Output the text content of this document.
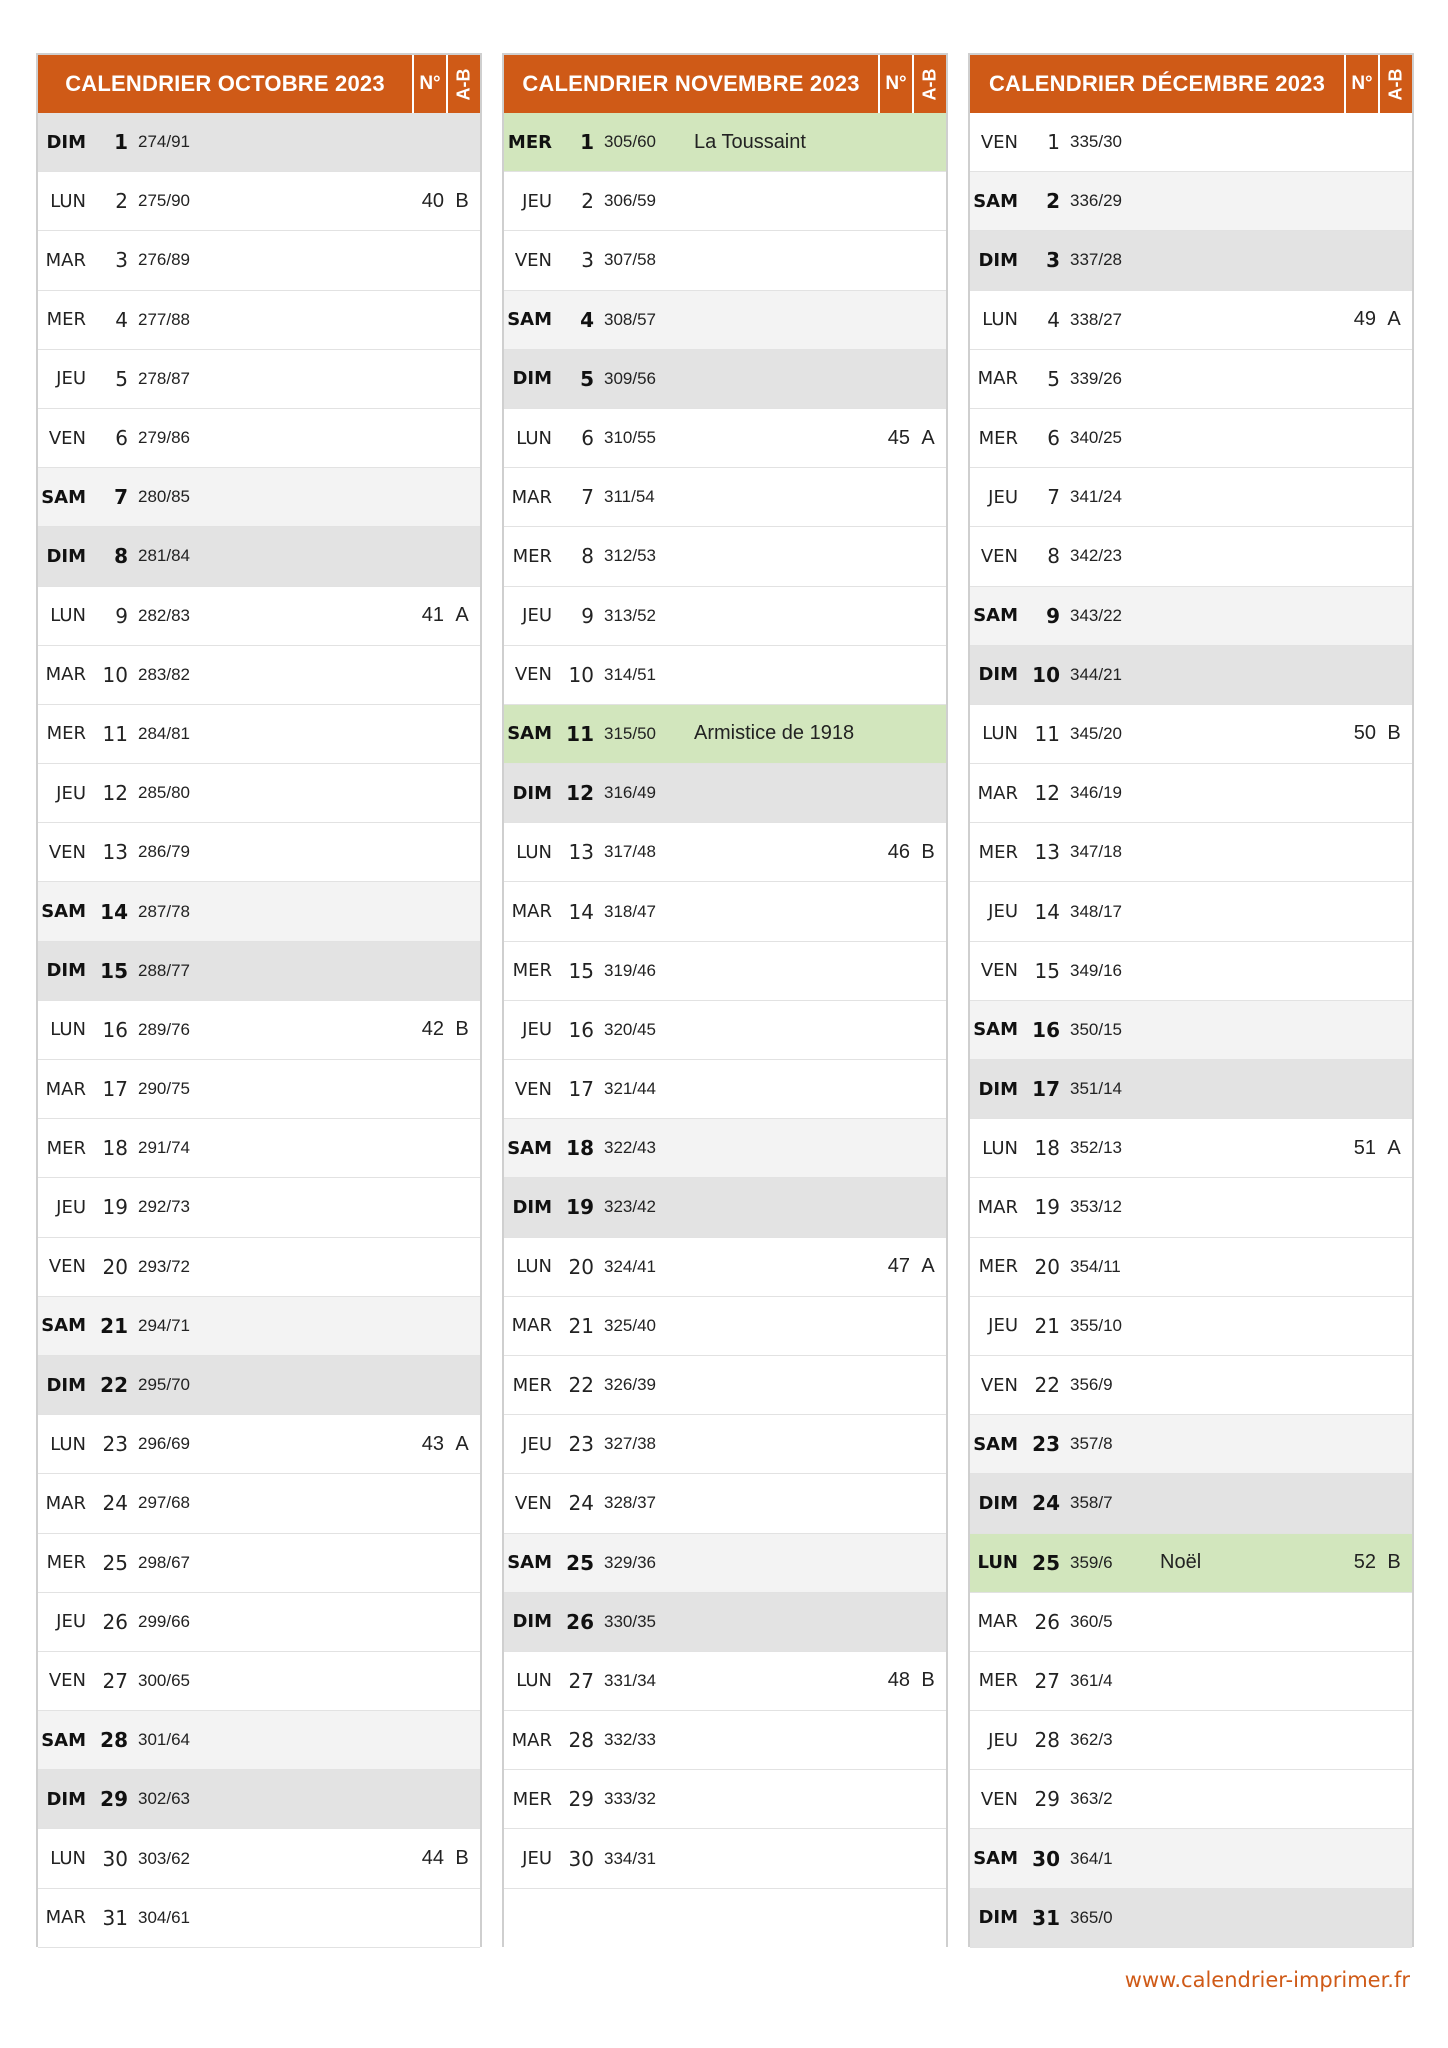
CALENDRIER OCTOBRE 2023	N° A-B
DIM	1 274/91
LUN	2 275/90	40 B
MAR	3 276/89
MER	4 277/88
JEU	5 278/87
VEN	6 279/86
SAM	7 280/85
DIM	8 281/84
LUN	9 282/83	41 A
MAR 10 283/82
MER 11 284/81
JEU 12 285/80
VEN 13 286/79
SAM 14 287/78
DIM 15 288/77
LUN 16 289/76	42 B
MAR 17 290/75
MER 18 291/74
JEU 19 292/73
VEN 20 293/72
SAM 21 294/71
DIM 22 295/70
LUN 23 296/69	43 A
MAR 24 297/68
MER 25 298/67
JEU 26 299/66
VEN 27 300/65
SAM 28 301/64
DIM 29 302/63
LUN 30 303/62	44 B
MAR 31 304/61
CALENDRIER NOVEMBRE 2023	N° A-B
MER	1 305/60 La Toussaint
JEU	2 306/59
VEN	3 307/58
SAM	4 308/57
DIM	5 309/56
LUN	6 310/55	45 A
MAR	7 311/54
MER	8 312/53
JEU	9 313/52
VEN 10 314/51
SAM 11 315/50 Armistice de 1918
DIM 12 316/49
LUN 13 317/48	46 B
MAR 14 318/47
MER 15 319/46
JEU 16 320/45
VEN 17 321/44
SAM 18 322/43
DIM 19 323/42
LUN 20 324/41	47 A
MAR 21 325/40
MER 22 326/39
JEU 23 327/38
VEN 24 328/37
SAM 25 329/36
DIM 26 330/35
LUN 27 331/34	48 B
MAR 28 332/33
MER 29 333/32
JEU 30 334/31
CALENDRIER DÉCEMBRE 2023	N° A-B
VEN	1 335/30
SAM	2 336/29
DIM	3 337/28
LUN	4 338/27	49 A
MAR	5 339/26
MER	6 340/25
JEU	7 341/24
VEN	8 342/23
SAM	9 343/22
DIM 10 344/21
LUN 11 345/20	50 B
MAR 12 346/19
MER 13 347/18
JEU 14 348/17
VEN 15 349/16
SAM 16 350/15
DIM 17 351/14
LUN 18 352/13	51 A
MAR 19 353/12
MER 20 354/11
JEU 21 355/10
VEN 22 356/9
SAM 23 357/8
DIM 24 358/7
LUN 25 359/6 Noël	52 B
MAR 26 360/5
MER 27 361/4
JEU 28 362/3
VEN 29 363/2
SAM 30 364/1
DIM 31 365/0
www.calendrier-imprimer.fr
